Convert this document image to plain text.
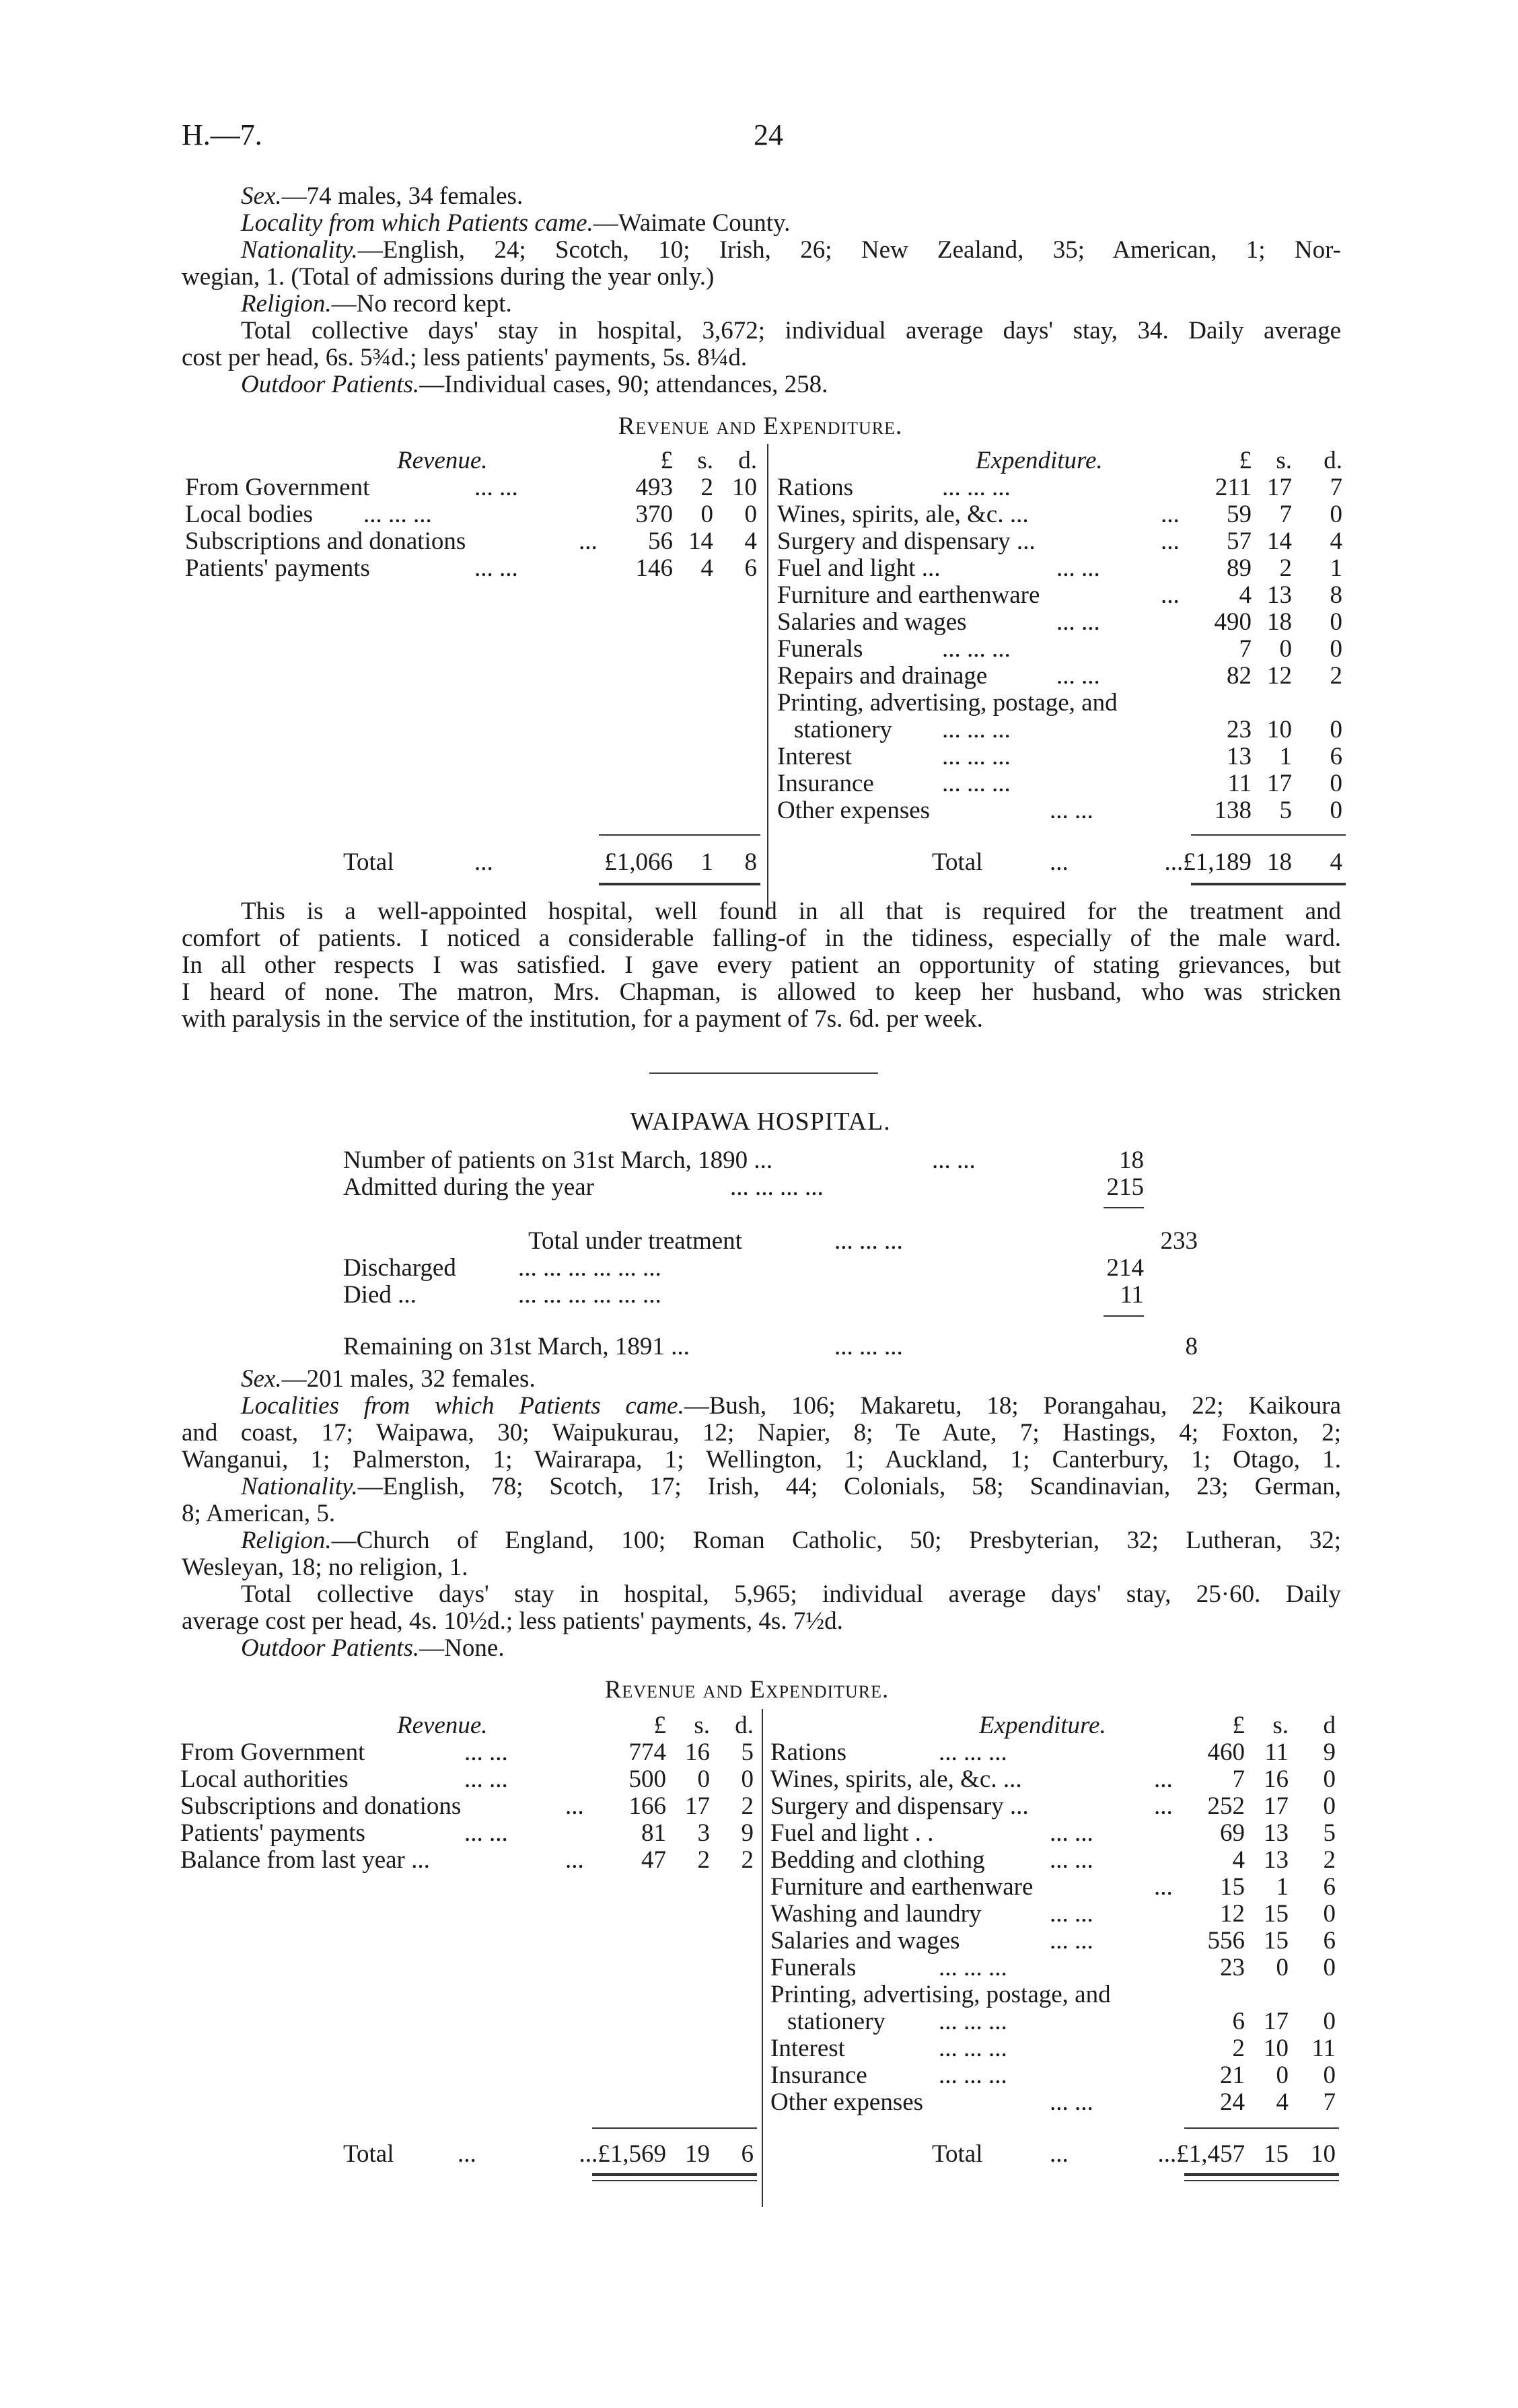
H.—7.	24
Sex.—74 males, 34 females.
Locality from which Patients came.—Waimate County.
Nationality.—English, 24; Scotch, 10; Irish, 26; New Zealand, 35; American, 1; Nor-
wegian, 1. (Total of admissions during the year only.)
Religion.—No record kept.
Total collective days' stay in hospital, 3,672; individual average days' stay, 34. Daily average
cost per head, 6s. 5¾d.; less patients' payments, 5s. 8¼d.
Outdoor Patients.—Individual cases, 90; attendances, 258.
Revenue and Expenditure.
Revenue.	£ s.	d.	Expenditure.	£ s.	d.
From Government	... ...	493	2 10
Local bodies ... ... ...	370	0	0
Subscriptions and donations	...	56 14	4
Patients' payments	... ...	146	4	6
Rations	... ... ...	211 17	7
Wines, spirits, ale, &c. ...	...	59	7	0
Surgery and dispensary ...	...	57 14	4
Fuel and light ...	... ...	89	2	1
Furniture and earthenware	...	4 13	8
Salaries and wages	... ...	490 18	0
Funerals	... ... ...	7	0	0
Repairs and drainage	... ...	82 12	2
Printing, advertising, postage, and
stationery ... ... ...	23 10	0
Interest	... ... ...	13	1	6
Insurance	... ... ...	11 17	0
Other expenses	... ...	138	5	0
Total	...	£1,066	1	8	Total	...	...£1,189 18	4
This is a well-appointed hospital, well found in all that is required for the treatment and
comfort of patients. I noticed a considerable falling-of in the tidiness, especially of the male ward.
In all other respects I was satisfied. I gave every patient an opportunity of stating grievances, but
I heard of none. The matron, Mrs. Chapman, is allowed to keep her husband, who was stricken
with paralysis in the service of the institution, for a payment of 7s. 6d. per week.
WAIPAWA HOSPITAL.
Number of patients on 31st March, 1890 ...	... ...	18
Admitted during the year	... ... ... ...	215
Total under treatment	... ... ...	233
Discharged ... ... ... ... ... ...	214
Died ...	... ... ... ... ... ...	11
Remaining on 31st March, 1891 ...	... ... ...	8
Sex.—201 males, 32 females.
Localities from which Patients came.—Bush, 106; Makaretu, 18; Porangahau, 22; Kaikoura
and coast, 17; Waipawa, 30; Waipukurau, 12; Napier, 8; Te Aute, 7; Hastings, 4; Foxton, 2;
Wanganui, 1; Palmerston, 1; Wairarapa, 1; Wellington, 1; Auckland, 1; Canterbury, 1; Otago, 1.
Nationality.—English, 78; Scotch, 17; Irish, 44; Colonials, 58; Scandinavian, 23; German,
8; American, 5.
Religion.—Church of England, 100; Roman Catholic, 50; Presbyterian, 32; Lutheran, 32;
Wesleyan, 18; no religion, 1.
Total collective days' stay in hospital, 5,965; individual average days' stay, 25·60. Daily
average cost per head, 4s. 10½d.; less patients' payments, 4s. 7½d.
Outdoor Patients.—None.
Revenue and Expenditure.
Revenue.	£	s.	d.	Expenditure.	£	s.	d
From Government	... ...	774 16	5
Local authorities	... ...	500	0	0
Subscriptions and donations	...	166 17	2
Patients' payments	... ...	81	3	9
Balance from last year ...	...	47	2	2
Rations	... ... ...	460 11	9
Wines, spirits, ale, &c. ...	...	7 16	0
Surgery and dispensary ...	...	252 17	0
Fuel and light . .	... ...	69 13	5
Bedding and clothing	... ...	4 13	2
Furniture and earthenware	...	15	1	6
Washing and laundry	... ...	12 15	0
Salaries and wages	... ...	556 15	6
Funerals	... ... ...	23	0	0
Printing, advertising, postage, and
stationery ... ... ...	6 17	0
Interest	... ... ...	2 10 11
Insurance	... ... ...	21	0	0
Other expenses	... ...	24	4	7
Total	...	...£1,569 19	6	Total	...	...£1,457 15 10
